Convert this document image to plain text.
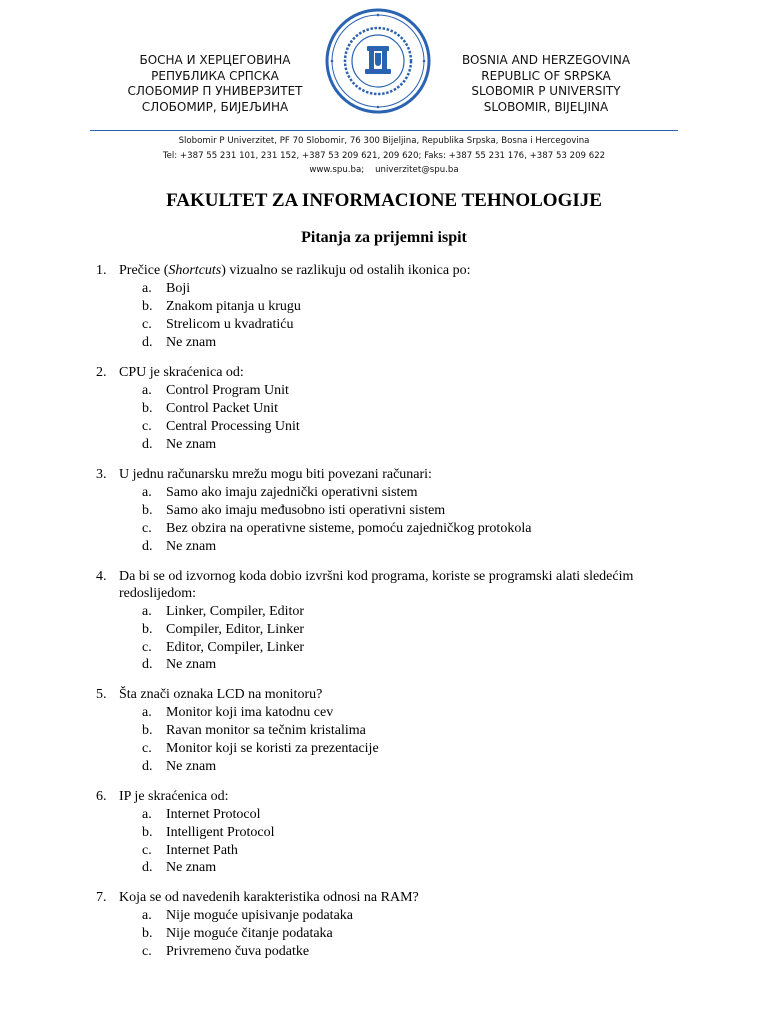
БОСНА И ХЕРЦЕГОВИНА
РЕПУБЛИКА СРПСКА
СЛОБОМИР П УНИВЕРЗИТЕТ
СЛОБОМИР, БИЈЕЉИНА
BOSNIA AND HERZEGOVINA
REPUBLIC OF SRPSKA
SLOBOMIR P UNIVERSITY
SLOBOMIR, BIJELJINA
Slobomir P Univerzitet, PF 70 Slobomir, 76 300 Bijeljina, Republika Srpska, Bosna i Hercegovina
Tel: +387 55 231 101, 231 152, +387 53 209 621, 209 620; Faks: +387 55 231 176, +387 53 209 622
www.spu.ba; univerzitet@spu.ba
FAKULTET ZA INFORMACIONE TEHNOLOGIJE
Pitanja za prijemni ispit
1. Prečice (Shortcuts) vizualno se razlikuju od ostalih ikonica po:
a. Boji
b. Znakom pitanja u krugu
c. Strelicom u kvadratiću
d. Ne znam
2. CPU je skraćenica od:
a. Control Program Unit
b. Control Packet Unit
c. Central Processing Unit
d. Ne znam
3. U jednu računarsku mrežu mogu biti povezani računari:
a. Samo ako imaju zajednički operativni sistem
b. Samo ako imaju međusobno isti operativni sistem
c. Bez obzira na operativne sisteme, pomoću zajedničkog protokola
d. Ne znam
4. Da bi se od izvornog koda dobio izvršni kod programa, koriste se programski alati sledećim
redoslijedom:
a. Linker, Compiler, Editor
b. Compiler, Editor, Linker
c. Editor, Compiler, Linker
d. Ne znam
5. Šta znači oznaka LCD na monitoru?
a. Monitor koji ima katodnu cev
b. Ravan monitor sa tečnim kristalima
c. Monitor koji se koristi za prezentacije
d. Ne znam
6. IP je skraćenica od:
a. Internet Protocol
b. Intelligent Protocol
c. Internet Path
d. Ne znam
7. Koja se od navedenih karakteristika odnosi na RAM?
a. Nije moguće upisivanje podataka
b. Nije moguće čitanje podataka
c. Privremeno čuva podatke
